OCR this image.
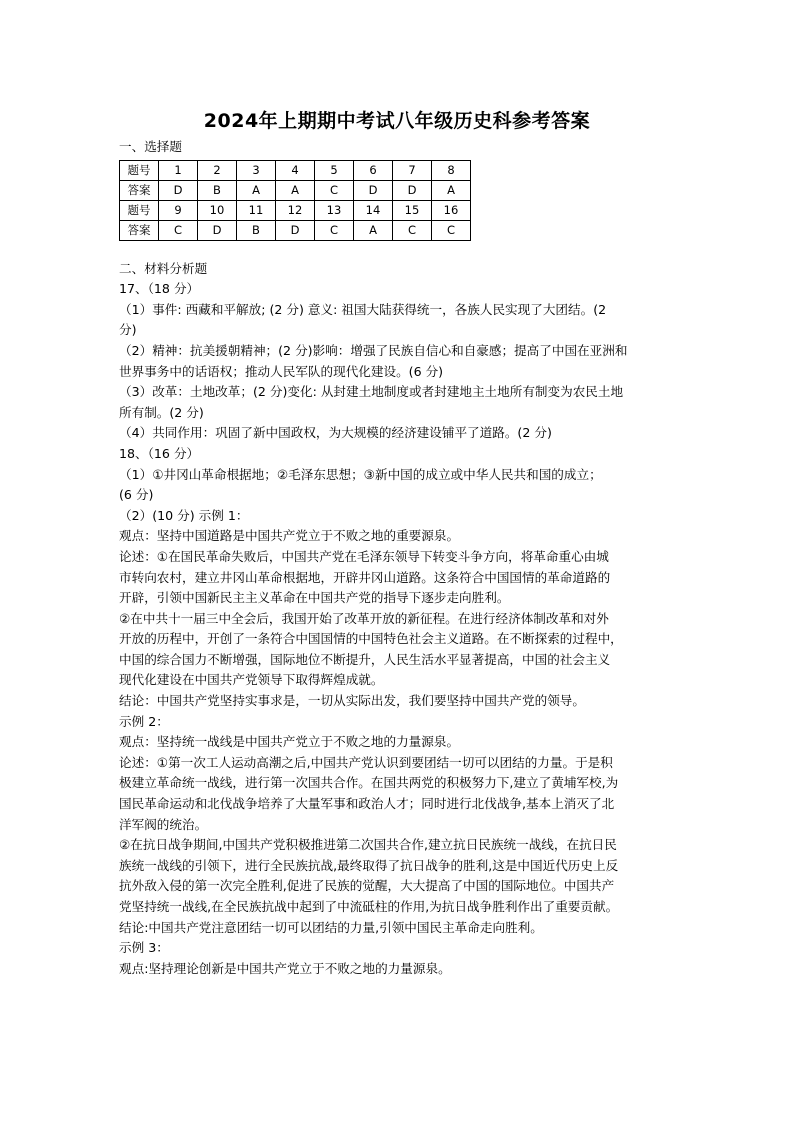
2024年上期期中考试八年级历史科参考答案
一、选择题
题号	1	2	3	4	5	6	7	8
答案	D	B	A	A	C	D	D	A
题号	9	10	11	12	13	14	15	16
答案	C	D	B	D	C	A	C	C
二、材料分析题
17、（18 分）
（1）事件: 西藏和平解放; (2 分) 意义: 祖国大陆获得统一，各族人民实现了大团结。(2
分)
（2）精神：抗美援朝精神；(2 分)影响：增强了民族自信心和自豪感；提高了中国在亚洲和
世界事务中的话语权；推动人民军队的现代化建设。(6 分)
（3）改革：土地改革；(2 分)变化: 从封建土地制度或者封建地主土地所有制变为农民土地
所有制。(2 分)
（4）共同作用：巩固了新中国政权，为大规模的经济建设铺平了道路。(2 分)
18、（16 分）
（1）①井冈山革命根据地；②毛泽东思想；③新中国的成立或中华人民共和国的成立；
(6 分)
（2）(10 分) 示例 1：
观点：坚持中国道路是中国共产党立于不败之地的重要源泉。
论述：①在国民革命失败后，中国共产党在毛泽东领导下转变斗争方向，将革命重心由城
市转向农村，建立井冈山革命根据地，开辟井冈山道路。这条符合中国国情的革命道路的
开辟，引领中国新民主主义革命在中国共产党的指导下逐步走向胜利。
②在中共十一届三中全会后，我国开始了改革开放的新征程。在进行经济体制改革和对外
开放的历程中，开创了一条符合中国国情的中国特色社会主义道路。在不断探索的过程中，
中国的综合国力不断增强，国际地位不断提升，人民生活水平显著提高，中国的社会主义
现代化建设在中国共产党领导下取得辉煌成就。
结论：中国共产党坚持实事求是，一切从实际出发，我们要坚持中国共产党的领导。
示例 2：
观点：坚持统一战线是中国共产党立于不败之地的力量源泉。
论述：①第一次工人运动高潮之后,中国共产党认识到要团结一切可以团结的力量。于是积
极建立革命统一战线，进行第一次国共合作。在国共两党的积极努力下,建立了黄埔军校,为
国民革命运动和北伐战争培养了大量军事和政治人才；同时进行北伐战争,基本上消灭了北
洋军阀的统治。
②在抗日战争期间,中国共产党积极推进第二次国共合作,建立抗日民族统一战线，在抗日民
族统一战线的引领下，进行全民族抗战,最终取得了抗日战争的胜利,这是中国近代历史上反
抗外敌入侵的第一次完全胜利,促进了民族的觉醒，大大提高了中国的国际地位。中国共产
党坚持统一战线,在全民族抗战中起到了中流砥柱的作用,为抗日战争胜利作出了重要贡献。
结论:中国共产党注意团结一切可以团结的力量,引领中国民主革命走向胜利。
示例 3：
观点:坚持理论创新是中国共产党立于不败之地的力量源泉。
